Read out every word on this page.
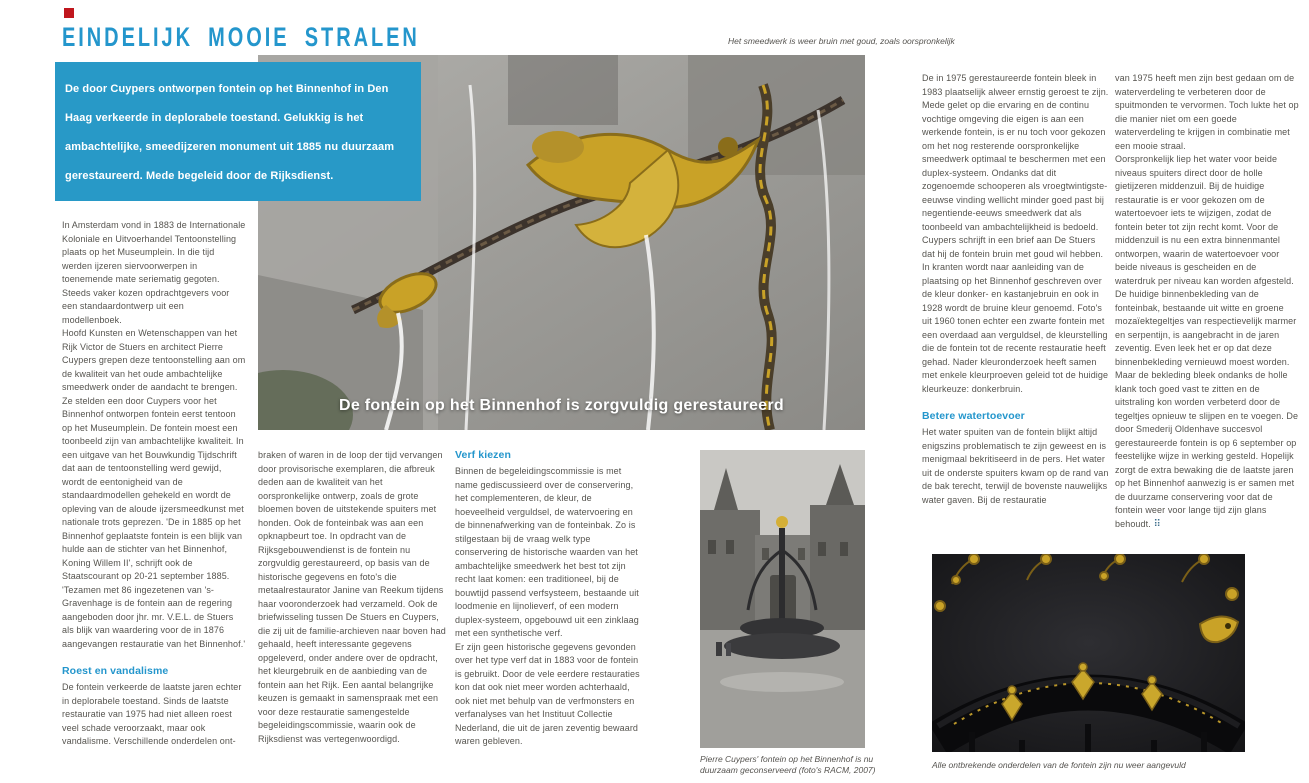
EINDELIJK MOOIE STRALEN
De fontein op het Binnenhof is zorgvuldig gerestaureerd

De door Cuypers ontworpen fontein op het Binnenhof in Den Haag verkeerde in deplorabele toestand. Gelukkig is het ambachtelijke, smeedijzeren monument uit 1885 nu duurzaam gerestaureerd. Mede begeleid door de Rijksdienst.

Het smeedwerk is weer bruin met goud, zoals oorspronkelijk

In Amsterdam vond in 1883 de Internationale Koloniale en Uitvoerhandel Tentoonstelling plaats op het Museumplein. In die tijd werden ijzeren siervoorwerpen in toenemende mate seriematig gegoten. Steeds vaker kozen opdrachtgevers voor een standaardontwerp uit een modellenboek.

Hoofd Kunsten en Wetenschappen van het Rijk Victor de Stuers en architect Pierre Cuypers grepen deze tentoonstelling aan om de kwaliteit van het oude ambachtelijke smeedwerk onder de aandacht te brengen. Ze stelden een door Cuypers voor het Binnenhof ontworpen fontein eerst tentoon op het Museumplein. De fontein moest een toonbeeld zijn van ambachtelijke kwaliteit. In een uitgave van het Bouwkundig Tijdschrift dat aan de tentoonstelling werd gewijd, wordt de eentonigheid van de standaardmodellen gehekeld en wordt de opleving van de aloude ijzersmeedkunst met nationale trots geprezen. 'De in 1885 op het Binnenhof geplaatste fontein is een blijk van hulde aan de stichter van het Binnenhof, Koning Willem II', schrijft ook de Staatscourant op 20-21 september 1885. 'Tezamen met 86 ingezetenen van 's-Gravenhage is de fontein aan de regering aangeboden door jhr. mr. V.E.L. de Stuers als blijk van waardering voor de in 1876 aangevangen restauratie van het Binnenhof.'

Roest en vandalisme

De fontein verkeerde de laatste jaren echter in deplorabele toestand. Sinds de laatste restauratie van 1975 had niet alleen roest veel schade veroorzaakt, maar ook vandalisme. Verschillende onderdelen ont-

braken of waren in de loop der tijd vervangen door provisorische exemplaren, die afbreuk deden aan de kwaliteit van het oorspronkelijke ontwerp, zoals de grote bloemen boven de uitstekende spuiters met honden. Ook de fonteinbak was aan een opknapbeurt toe. In opdracht van de Rijksgebouwendienst is de fontein nu zorgvuldig gerestaureerd, op basis van de historische gegevens en foto's die metaalrestaurator Janine van Reekum tijdens haar vooronderzoek had verzameld. Ook de briefwisseling tussen De Stuers en Cuypers, die zij uit de familie-archieven naar boven had gehaald, heeft interessante gegevens opgeleverd, onder andere over de opdracht, het kleurgebruik en de aanbieding van de fontein aan het Rijk. Een aantal belangrijke keuzen is gemaakt in samenspraak met een voor deze restauratie samengestelde begeleidingscommissie, waarin ook de Rijksdienst was vertegenwoordigd.

Verf kiezen

Binnen de begeleidingscommissie is met name gediscussieerd over de conservering, het complementeren, de kleur, de hoeveelheid verguldsel, de watervoering en de binnenafwerking van de fonteinbak. Zo is stilgestaan bij de vraag welk type conservering de historische waarden van het ambachtelijke smeedwerk het best tot zijn recht laat komen: een traditioneel, bij de bouwtijd passend verfsysteem, bestaande uit loodmenie en lijnolieverf, of een modern duplex-systeem, opgebouwd uit een zinklaag met een synthetische verf.

Er zijn geen historische gegevens gevonden over het type verf dat in 1883 voor de fontein is gebruikt. Door de vele eerdere restauraties kon dat ook niet meer worden achterhaald, ook niet met behulp van de verfmonsters en verfanalyses van het Instituut Collectie Nederland, die uit de jaren zeventig bewaard waren gebleven.

De in 1975 gerestaureerde fontein bleek in 1983 plaatselijk alweer ernstig geroest te zijn. Mede gelet op die ervaring en de continu vochtige omgeving die eigen is aan een werkende fontein, is er nu toch voor gekozen om het nog resterende oorspronkelijke smeedwerk optimaal te beschermen met een duplex-systeem. Ondanks dat dit zogenoemde schooperen als vroegtwintigste-eeuwse vinding wellicht minder goed past bij negentiende-eeuws smeedwerk dat als toonbeeld van ambachtelijkheid is bedoeld.

Cuypers schrijft in een brief aan De Stuers dat hij de fontein bruin met goud wil hebben. In kranten wordt naar aanleiding van de plaatsing op het Binnenhof geschreven over de kleur donker- en kastanjebruin en ook in 1928 wordt de bruine kleur genoemd. Foto's uit 1960 tonen echter een zwarte fontein met een overdaad aan verguldsel, de kleurstelling die de fontein tot de recente restauratie heeft gehad. Nader kleuronderzoek heeft samen met enkele kleurproeven geleid tot de huidige kleurkeuze: donkerbruin.

Betere watertoevoer

Het water spuiten van de fontein blijkt altijd enigszins problematisch te zijn geweest en is menigmaal bekritiseerd in de pers. Het water uit de onderste spuiters kwam op de rand van de bak terecht, terwijl de bovenste nauwelijks water gaven. Bij de restauratie

van 1975 heeft men zijn best gedaan om de waterverdeling te verbeteren door de spuitmonden te vervormen. Toch lukte het op die manier niet om een goede waterverdeling te krijgen in combinatie met een mooie straal.

Oorspronkelijk liep het water voor beide niveaus spuiters direct door de holle gietijzeren middenzuil. Bij de huidige restauratie is er voor gekozen om de watertoevoer iets te wijzigen, zodat de fontein beter tot zijn recht komt. Voor de middenzuil is nu een extra binnenmantel ontworpen, waarin de watertoevoer voor beide niveaus is gescheiden en de waterdruk per niveau kan worden afgesteld.

De huidige binnenbekleding van de fonteinbak, bestaande uit witte en groene mozaïektegeltjes van respectievelijk marmer en serpentijn, is aangebracht in de jaren zeventig. Even leek het er op dat deze binnenbekleding vernieuwd moest worden. Maar de bekleding bleek ondanks de holle klank toch goed vast te zitten en de uitstraling kon worden verbeterd door de tegeltjes opnieuw te slijpen en te voegen. De door Smederij Oldenhave succesvol gerestaureerde fontein is op 6 september op feestelijke wijze in werking gesteld. Hopelijk zorgt de extra bewaking die de laatste jaren op het Binnenhof aanwezig is er samen met de duurzame conservering voor dat de fontein weer voor lange tijd zijn glans behoudt. ⠿

Pierre Cuypers' fontein op het Binnenhof is nu duurzaam geconserveerd (foto's RACM, 2007)	Alle ontbrekende onderdelen van de fontein zijn nu weer aangevuld
